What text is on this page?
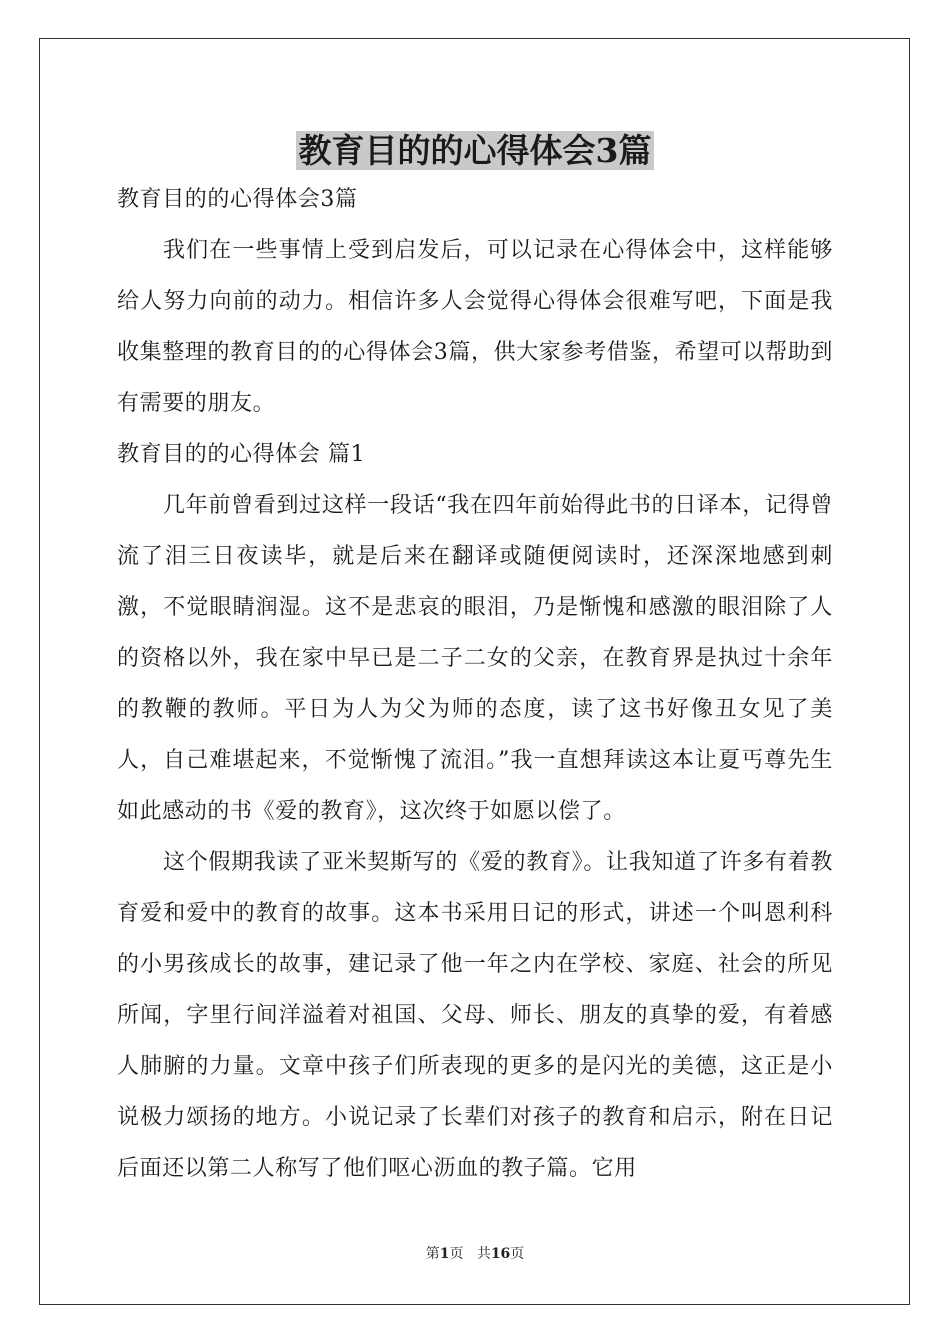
教育目的的心得体会3篇

教育目的的心得体会3篇

我们在一些事情上受到启发后，可以记录在心得体会中，这样能够给人努力向前的动力。相信许多人会觉得心得体会很难写吧，下面是我收集整理的教育目的的心得体会3篇，供大家参考借鉴，希望可以帮助到有需要的朋友。

教育目的的心得体会 篇1

几年前曾看到过这样一段话“我在四年前始得此书的日译本，记得曾流了泪三日夜读毕，就是后来在翻译或随便阅读时，还深深地感到刺激，不觉眼睛润湿。这不是悲哀的眼泪，乃是惭愧和感激的眼泪除了人的资格以外，我在家中早已是二子二女的父亲，在教育界是执过十余年的教鞭的教师。平日为人为父为师的态度，读了这书好像丑女见了美人，自己难堪起来，不觉惭愧了流泪。”我一直想拜读这本让夏丐尊先生如此感动的书《爱的教育》，这次终于如愿以偿了。

这个假期我读了亚米契斯写的《爱的教育》。让我知道了许多有着教育爱和爱中的教育的故事。这本书采用日记的形式，讲述一个叫恩利科的小男孩成长的故事，建记录了他一年之内在学校、家庭、社会的所见所闻，字里行间洋溢着对祖国、父母、师长、朋友的真挚的爱，有着感人肺腑的力量。文章中孩子们所表现的更多的是闪光的美德，这正是小说极力颂扬的地方。小说记录了长辈们对孩子的教育和启示，附在日记后面还以第二人称写了他们呕心沥血的教子篇。它用

第1页 共16页
